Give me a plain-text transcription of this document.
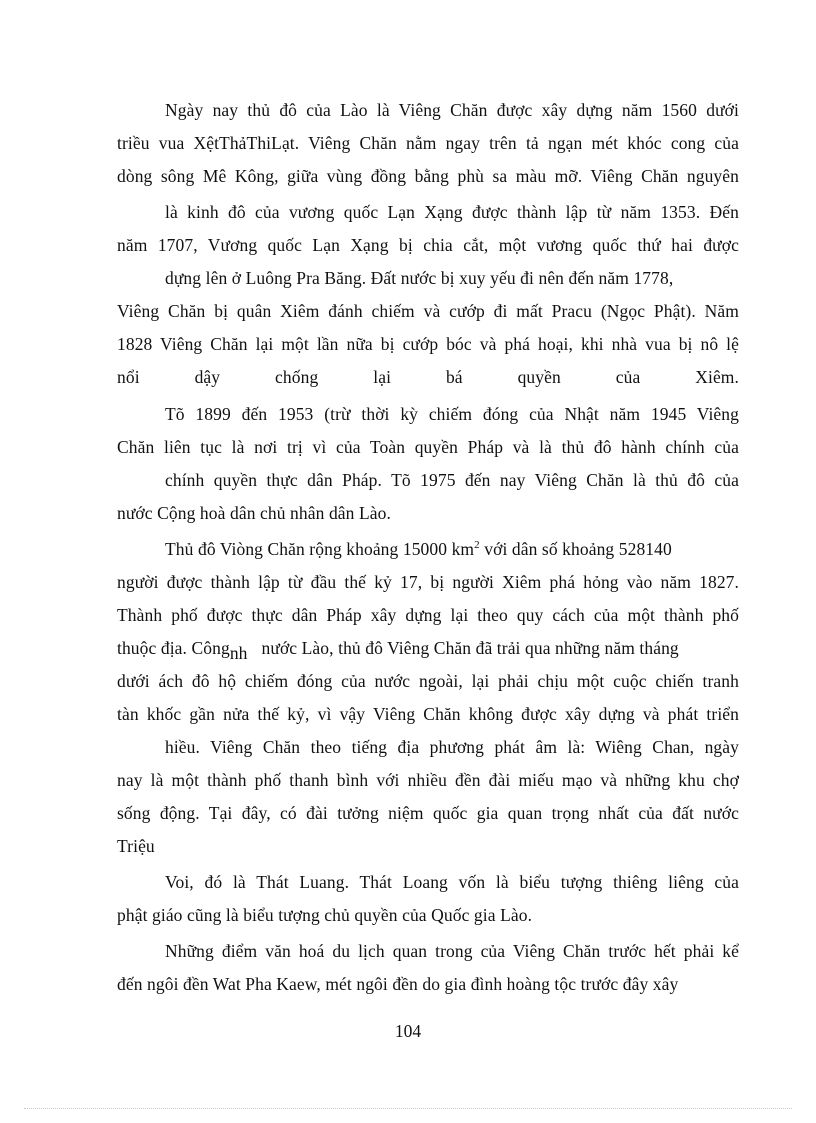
Ngày nay thủ đô của Lào là Viêng Chăn được xây dựng năm 1560 dưới
triều vua XệtThảThiLạt. Viêng Chăn nằm ngay trên tả ngạn mét khóc cong của
dòng sông Mê Kông, giữa vùng đồng bằng phù sa màu mỡ. Viêng Chăn nguyên
là kinh đô của vương quốc Lạn Xạng được thành lập từ năm 1353. Đến
năm 1707, Vương quốc Lạn Xạng bị chia cắt, một vương quốc thứ hai được
dựng lên ở Luông Pra Băng. Đất nước bị xuy yếu đi nên đến năm 1778,
Viêng Chăn bị quân Xiêm đánh chiếm và cướp đi mất Pracu (Ngọc Phật). Năm
1828 Viêng Chăn lại một lần nữa bị cướp bóc và phá hoại, khi nhà vua bị nô lệ
nổi dậy chống lại bá quyền của Xiêm.
Tõ 1899 đến 1953 (trừ thời kỳ chiếm đóng của Nhật năm 1945 Viêng
Chăn liên tục là nơi trị vì của Toàn quyền Pháp và là thủ đô hành chính của
chính quyền thực dân Pháp. Tõ 1975 đến nay Viêng Chăn là thủ đô của
nước Cộng hoà dân chủ nhân dân Lào.
Thủ đô Viòng Chăn rộng khoảng 15000 $km^2$ với dân số khoảng 528140
người được thành lập từ đầu thế kỷ 17, bị người Xiêm phá hỏng vào năm 1827.
Thành phố được thực dân Pháp xây dựng lại theo quy cách của một thành phố
thuộc địa. Côngnh nước Lào, thủ đô Viêng Chăn đã trải qua những năm tháng
dưới ách đô hộ chiếm đóng của nước ngoài, lại phải chịu một cuộc chiến tranh
tàn khốc gần nửa thế kỷ, vì vậy Viêng Chăn không được xây dựng và phát triển
hiều. Viêng Chăn theo tiếng địa phương phát âm là: Wiêng Chan, ngày
nay là một thành phố thanh bình với nhiều đền đài miếu mạo và những khu chợ
sống động. Tại đây, có đài tưởng niệm quốc gia quan trọng nhất của đất nước
Triệu
Voi, đó là Thát Luang. Thát Loang vốn là biểu tượng thiêng liêng của
phật giáo cũng là biểu tượng chủ quyền của Quốc gia Lào.
Những điểm văn hoá du lịch quan trong của Viêng Chăn trước hết phải kể
đến ngôi đền Wat Pha Kaew, mét ngôi đền do gia đình hoàng tộc trước đây xây
104
